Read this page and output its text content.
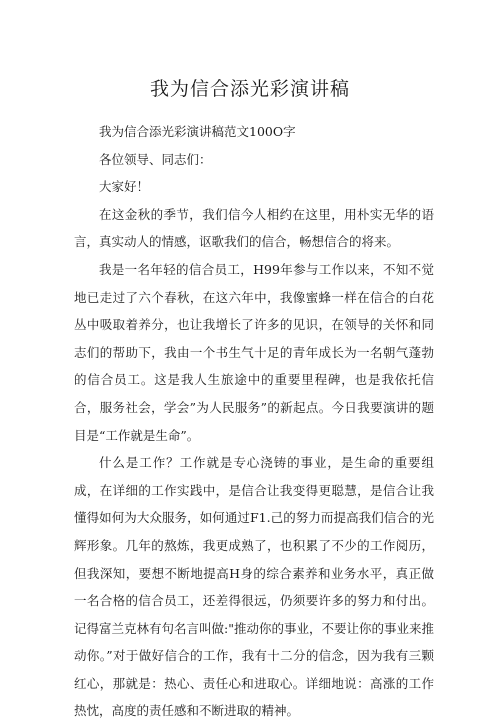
我为信合添光彩演讲稿

我为信合添光彩演讲稿范文100O字

各位领导、同志们：

大家好！

在这金秋的季节，我们信今人相约在这里，用朴实无华的语言，真实动人的情感，讴歌我们的信合，畅想信合的将来。

我是一名年轻的信合员工，H99年参与工作以来，不知不觉地已走过了六个春秋，在这六年中，我像蜜蜂一样在信合的白花丛中吸取着养分，也让我增长了许多的见识，在领导的关怀和同志们的帮助下，我由一个书生气十足的青年成长为一名朝气蓬勃的信合员工。这是我人生旅途中的重要里程碑，也是我依托信合，服务社会，学会”为人民服务”的新起点。今日我要演讲的题目是“工作就是生命”。

什么是工作？工作就是专心浇铸的事业，是生命的重要组成，在详细的工作实践中，是信合让我变得更聪慧，是信合让我懂得如何为大众服务，如何通过F1.己的努力而提高我们信合的光辉形象。几年的熬炼，我更成熟了，也积累了不少的工作阅历，但我深知，要想不断地提高H身的综合素养和业务水平，真正做一名合格的信合员工，还差得很远，仍须要许多的努力和付出。记得富兰克林有句名言叫做:"推动你的事业，不要让你的事业来推动你。”对于做好信合的工作，我有十二分的信念，因为我有三颗红心，那就是：热心、责任心和进取心。详细地说：高涨的工作热忱，高度的责任感和不断进取的精神。
